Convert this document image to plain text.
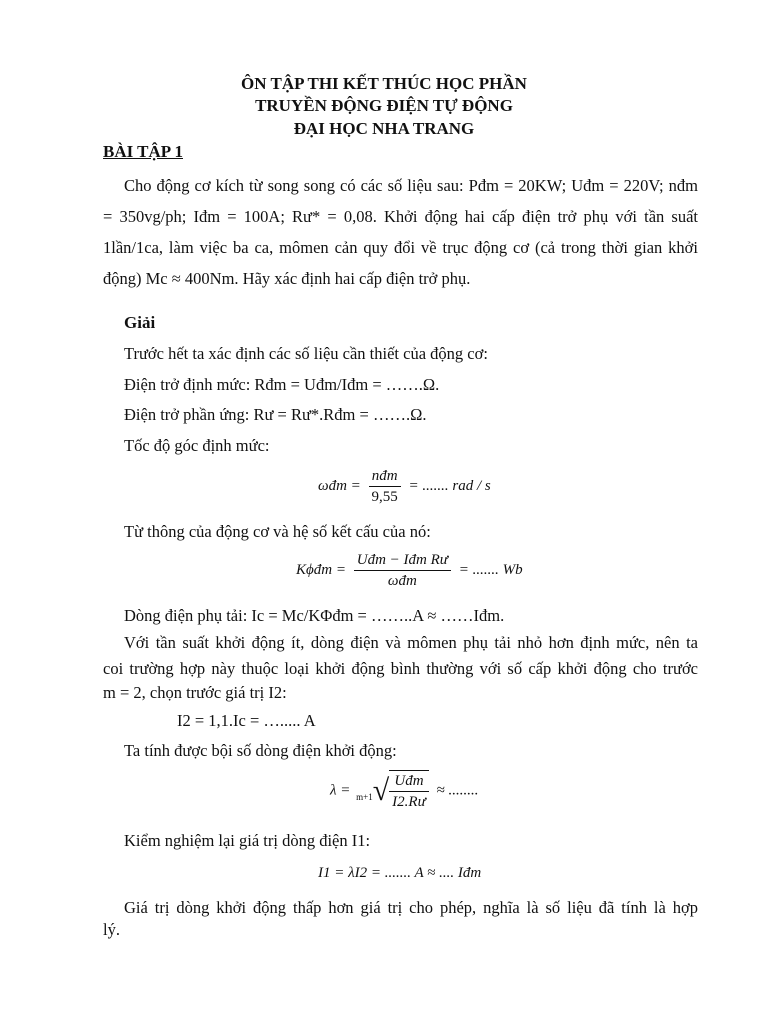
ÔN TẬP THI KẾT THÚC HỌC PHẦN
TRUYỀN ĐỘNG ĐIỆN TỰ ĐỘNG
ĐẠI HỌC NHA TRANG
BÀI TẬP 1
Cho động cơ kích từ song song có các số liệu sau: Pđm = 20KW; Uđm = 220V; nđm
= 350vg/ph; Iđm = 100A; Rư* = 0,08. Khởi động hai cấp điện trở phụ với tần suất
1lần/1ca, làm việc ba ca, mômen cản quy đổi về trục động cơ (cả trong thời gian khởi
động) Mc ≈ 400Nm. Hãy xác định hai cấp điện trở phụ.
Giải
Trước hết ta xác định các số liệu cần thiết của động cơ:
Điện trở định mức: Rđm = Uđm/Iđm = …….Ω.
Điện trở phần ứng: Rư = Rư*.Rđm = …….Ω.
Tốc độ góc định mức:
ωđm = $\frac{\text{nđm}}{9,55}$ = ....... rad / s
Từ thông của động cơ và hệ số kết cấu của nó:
Kϕđm = $\frac{\text{Uđm − Iđm Rư}}{\text{ωđm}}$ = ....... Wb
Dòng điện phụ tải: Ic = Mc/KΦđm = ……..A ≈ ……Iđm.
Với tần suất khởi động ít, dòng điện và mômen phụ tải nhỏ hơn định mức, nên ta
coi trường hợp này thuộc loại khởi động bình thường với số cấp khởi động cho trước
m = 2, chọn trước giá trị I2:
I2 = 1,1.Ic = …..... A
Ta tính được bội số dòng điện khởi động:
$\lambda = _{m+1}√ \frac{\text{Uđm}}{I2.Rư}$ ≈ ........
Kiểm nghiệm lại giá trị dòng điện I1:
I1 = λI2 = ....... A ≈ .... Iđm
Giá trị dòng khởi động thấp hơn giá trị cho phép, nghĩa là số liệu đã tính là hợp
lý.
